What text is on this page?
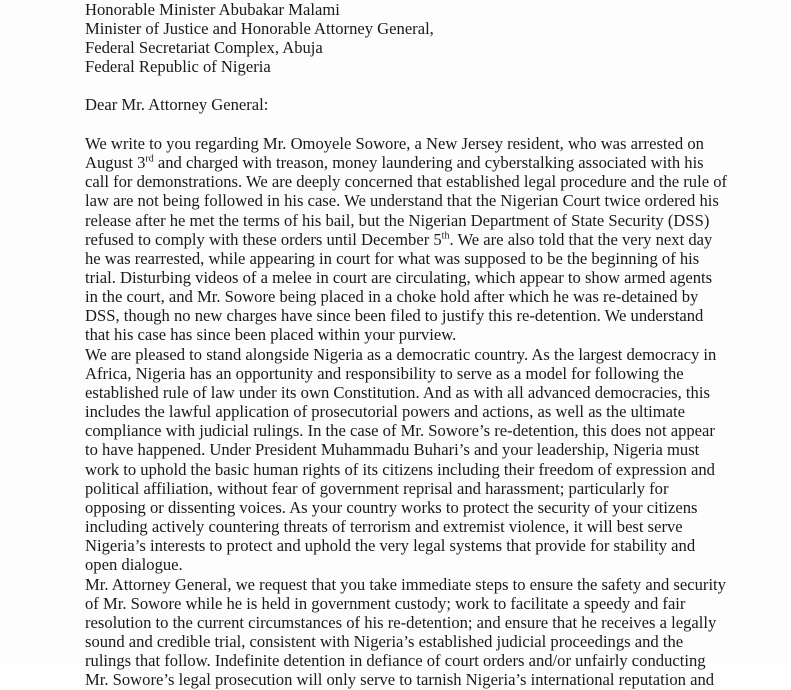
Honorable Minister Abubakar Malami
Minister of Justice and Honorable Attorney General,
Federal Secretariat Complex, Abuja
Federal Republic of Nigeria
Dear Mr. Attorney General:
We write to you regarding Mr. Omoyele Sowore, a New Jersey resident, who was arrested on
August 3rd and charged with treason, money laundering and cyberstalking associated with his
call for demonstrations. We are deeply concerned that established legal procedure and the rule of
law are not being followed in his case. We understand that the Nigerian Court twice ordered his
release after he met the terms of his bail, but the Nigerian Department of State Security (DSS)
refused to comply with these orders until December 5th. We are also told that the very next day
he was rearrested, while appearing in court for what was supposed to be the beginning of his
trial. Disturbing videos of a melee in court are circulating, which appear to show armed agents
in the court, and Mr. Sowore being placed in a choke hold after which he was re-detained by
DSS, though no new charges have since been filed to justify this re-detention. We understand
that his case has since been placed within your purview.
We are pleased to stand alongside Nigeria as a democratic country. As the largest democracy in
Africa, Nigeria has an opportunity and responsibility to serve as a model for following the
established rule of law under its own Constitution. And as with all advanced democracies, this
includes the lawful application of prosecutorial powers and actions, as well as the ultimate
compliance with judicial rulings. In the case of Mr. Sowore’s re-detention, this does not appear
to have happened. Under President Muhammadu Buhari’s and your leadership, Nigeria must
work to uphold the basic human rights of its citizens including their freedom of expression and
political affiliation, without fear of government reprisal and harassment; particularly for
opposing or dissenting voices. As your country works to protect the security of your citizens
including actively countering threats of terrorism and extremist violence, it will best serve
Nigeria’s interests to protect and uphold the very legal systems that provide for stability and
open dialogue.
Mr. Attorney General, we request that you take immediate steps to ensure the safety and security
of Mr. Sowore while he is held in government custody; work to facilitate a speedy and fair
resolution to the current circumstances of his re-detention; and ensure that he receives a legally
sound and credible trial, consistent with Nigeria’s established judicial proceedings and the
rulings that follow. Indefinite detention in defiance of court orders and/or unfairly conducting
Mr. Sowore’s legal prosecution will only serve to tarnish Nigeria’s international reputation and
